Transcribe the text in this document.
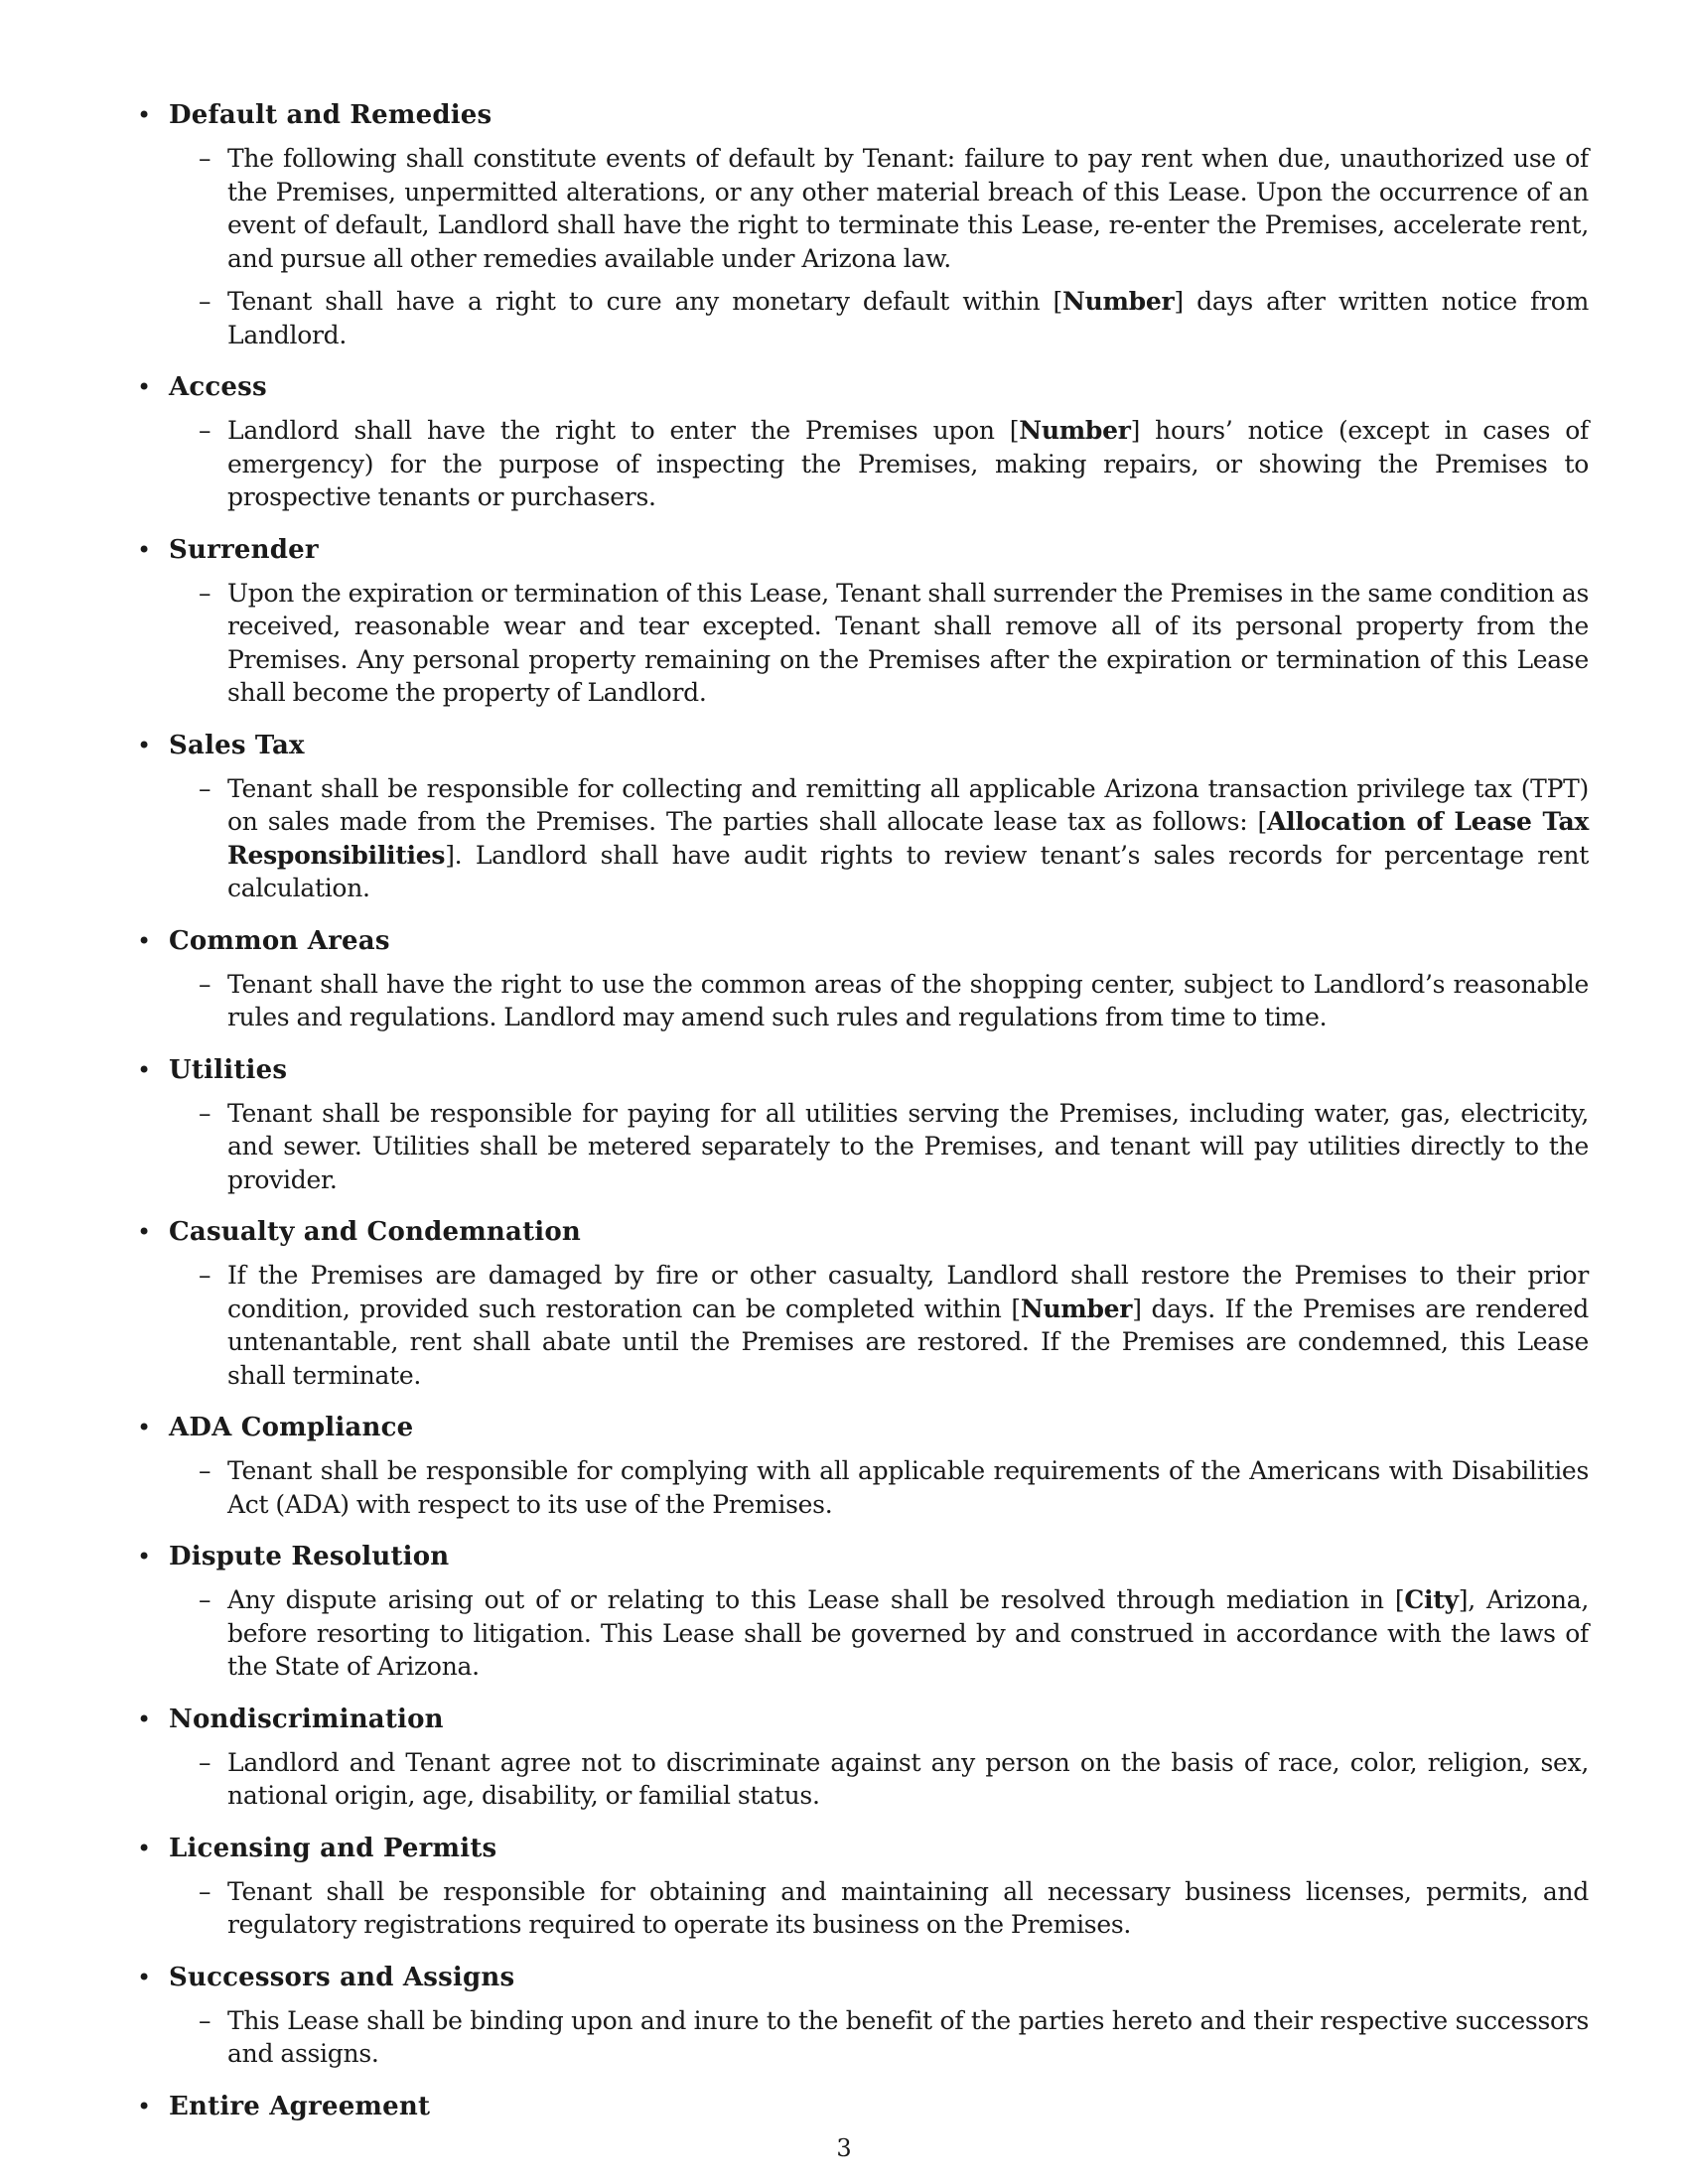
• Default and Remedies
– The following shall constitute events of default by Tenant: failure to pay rent when due, unauthorized use of the Premises, unpermitted alterations, or any other material breach of this Lease. Upon the occurrence of an event of default, Landlord shall have the right to terminate this Lease, re-enter the Premises, accelerate rent, and pursue all other remedies available under Arizona law.
– Tenant shall have a right to cure any monetary default within [Number] days after written notice from Landlord.
• Access
– Landlord shall have the right to enter the Premises upon [Number] hours’ notice (except in cases of emergency) for the purpose of inspecting the Premises, making repairs, or showing the Premises to prospective tenants or purchasers.
• Surrender
– Upon the expiration or termination of this Lease, Tenant shall surrender the Premises in the same condition as received, reasonable wear and tear excepted. Tenant shall remove all of its personal property from the Premises. Any personal property remaining on the Premises after the expiration or termination of this Lease shall become the property of Landlord.
• Sales Tax
– Tenant shall be responsible for collecting and remitting all applicable Arizona transaction privilege tax (TPT) on sales made from the Premises. The parties shall allocate lease tax as follows: [Allocation of Lease Tax Responsibilities]. Landlord shall have audit rights to review tenant’s sales records for percentage rent calculation.
• Common Areas
– Tenant shall have the right to use the common areas of the shopping center, subject to Landlord’s reasonable rules and regulations. Landlord may amend such rules and regulations from time to time.
• Utilities
– Tenant shall be responsible for paying for all utilities serving the Premises, including water, gas, electricity, and sewer. Utilities shall be metered separately to the Premises, and tenant will pay utilities directly to the provider.
• Casualty and Condemnation
– If the Premises are damaged by fire or other casualty, Landlord shall restore the Premises to their prior condition, provided such restoration can be completed within [Number] days. If the Premises are rendered untenantable, rent shall abate until the Premises are restored. If the Premises are condemned, this Lease shall terminate.
• ADA Compliance
– Tenant shall be responsible for complying with all applicable requirements of the Americans with Disabilities Act (ADA) with respect to its use of the Premises.
• Dispute Resolution
– Any dispute arising out of or relating to this Lease shall be resolved through mediation in [City], Arizona, before resorting to litigation. This Lease shall be governed by and construed in accordance with the laws of the State of Arizona.
• Nondiscrimination
– Landlord and Tenant agree not to discriminate against any person on the basis of race, color, religion, sex, national origin, age, disability, or familial status.
• Licensing and Permits
– Tenant shall be responsible for obtaining and maintaining all necessary business licenses, permits, and regulatory registrations required to operate its business on the Premises.
• Successors and Assigns
– This Lease shall be binding upon and inure to the benefit of the parties hereto and their respective successors and assigns.
• Entire Agreement
3
